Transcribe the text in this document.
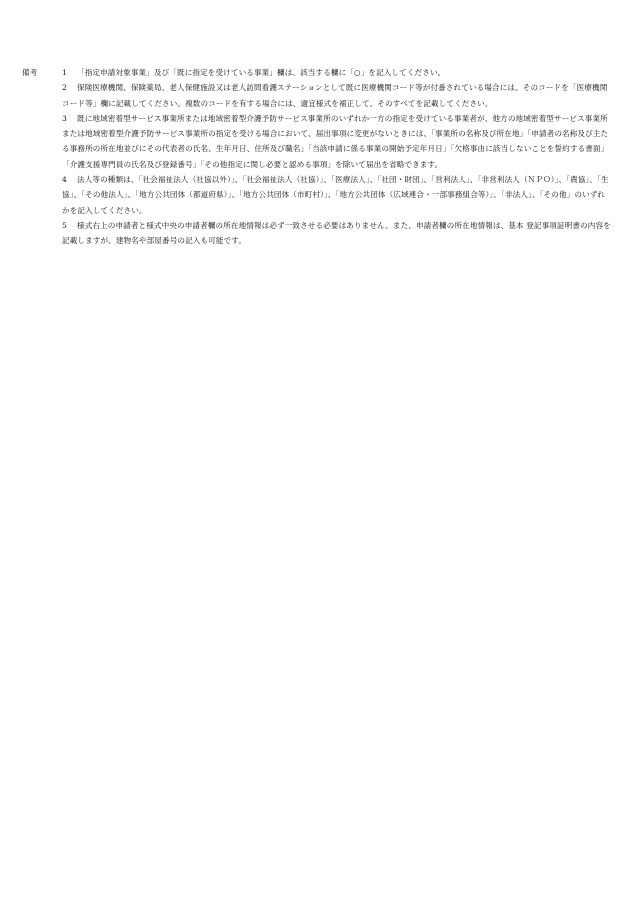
備考	1 「指定申請対象事業」及び「既に指定を受けている事業」欄は、該当する欄に「○」を記入してください。
2 保険医療機関、保険薬局、老人保健施設又は老人訪問看護ステーションとして既に医療機関コード等が付番されている場合には、そのコードを「医療機関コード等」欄に記載してください。複数のコードを有する場合には、適宜様式を補正して、そのすべてを記載してください。
3 既に地域密着型サービス事業所または地域密着型介護予防サービス事業所のいずれか一方の指定を受けている事業者が、他方の地域密着型サービス事業所または地域密着型介護予防サービス事業所の指定を受ける場合において、届出事項に変更がないときには、「事業所の名称及び所在地」「申請者の名称及び主たる事務所の所在地並びにその代表者の氏名、生年月日、住所及び職名」「当該申請に係る事業の開始予定年月日」「欠格事由に該当しないことを誓約する書面」「介護支援専門員の氏名及び登録番号」「その他指定に関し必要と認める事項」を除いて届出を省略できます。
4 法人等の種類は、「社会福祉法人（社協以外）」、「社会福祉法人（社協）」、「医療法人」、「社団・財団」、「営利法人」、「非営利法人（ＮＰＯ）」、「農協」、「生協」、「その他法人」、「地方公共団体（都道府県）」、「地方公共団体（市町村）」、「地方公共団体（広域連合・一部事務組合等）」、「非法人」、「その他」のいずれかを記入してください。
5 様式右上の申請者と様式中央の申請者欄の所在地情報は必ず一致させる必要はありません。また、申請者欄の所在地情報は、基本 登記事項証明書の内容を記載しますが、建物名や部屋番号の記入も可能です。
